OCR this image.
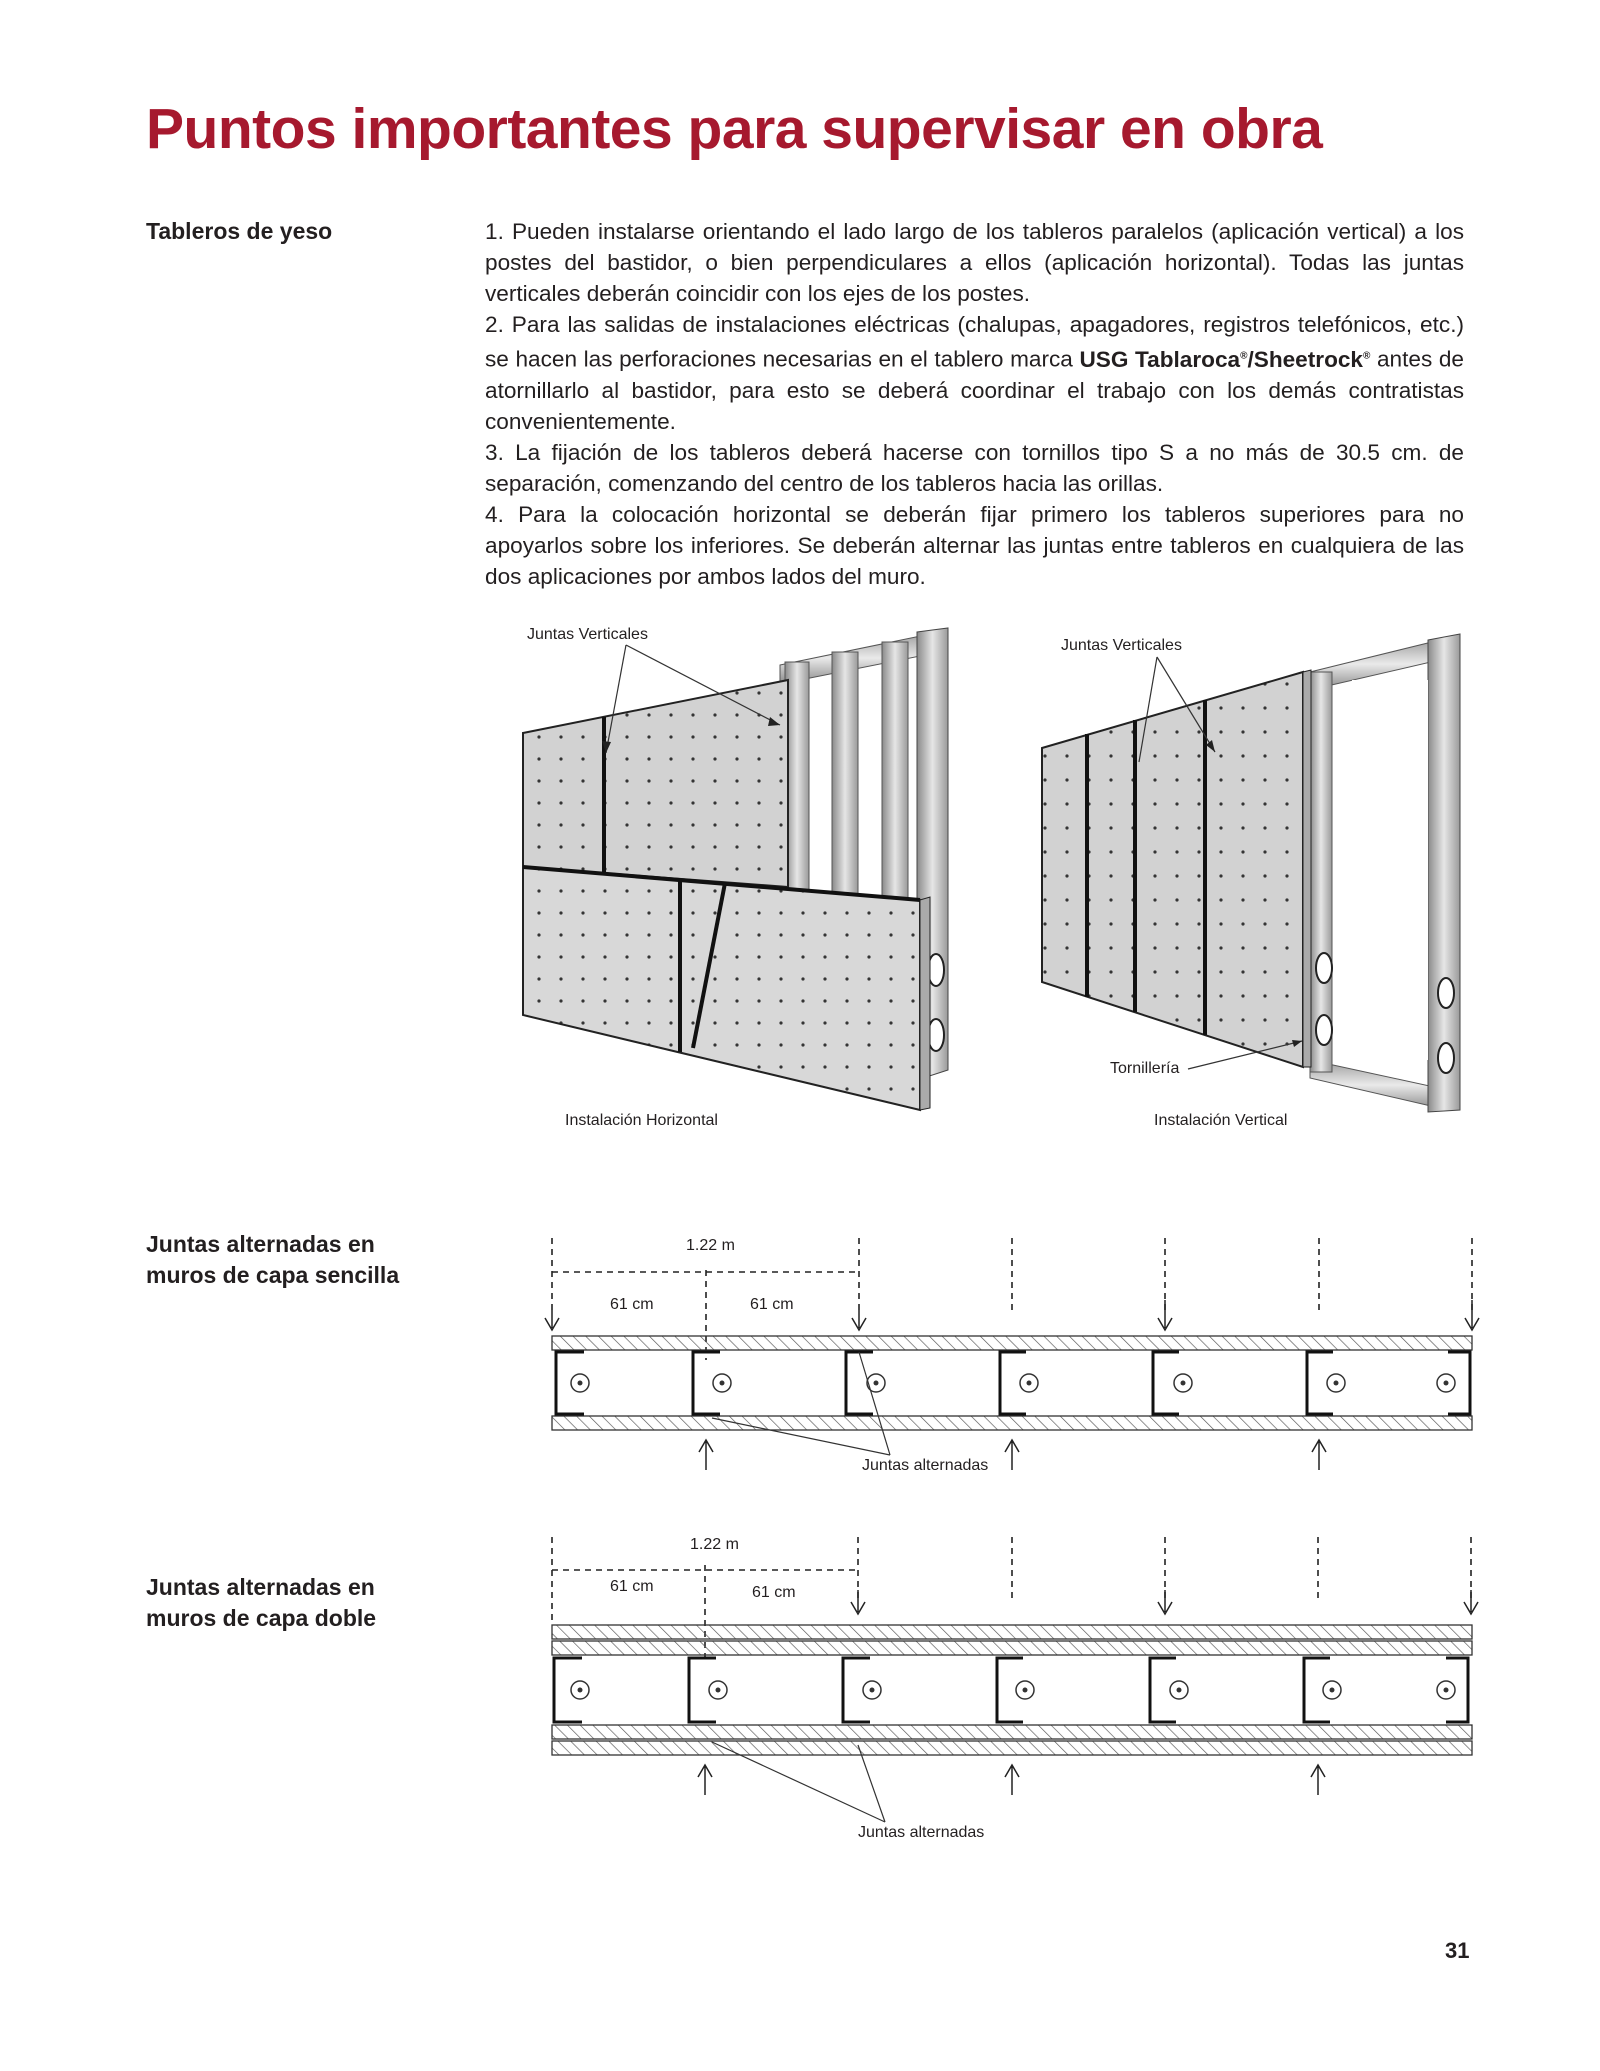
Puntos importantes para supervisar en obra
Tableros de yeso	1. Pueden instalarse orientando el lado largo de los tableros paralelos (aplicación vertical) a los postes del bastidor, o bien perpendiculares a ellos (aplicación horizontal). Todas las juntas verticales deberán coincidir con los ejes de los postes.

2. Para las salidas de instalaciones eléctricas (chalupas, apagadores, registros telefónicos, etc.) se hacen las perforaciones necesarias en el tablero marca USG Tablaroca®/Sheetrock® antes de atornillarlo al bastidor, para esto se deberá coordinar el trabajo con los demás contratistas convenientemente.

3. La fijación de los tableros deberá hacerse con tornillos tipo S a no más de 30.5 cm. de separación, comenzando del centro de los tableros hacia las orillas.

4. Para la colocación horizontal se deberán fijar primero los tableros superiores para no apoyarlos sobre los inferiores. Se deberán alternar las juntas entre tableros en cualquiera de las dos aplicaciones por ambos lados del muro.

Juntas Verticales
Instalación Horizontal
Juntas Verticales
Tornillería
Instalación Vertical
Juntas alternadas en
muros de capa sencilla
1.22 m
61 cm	61 cm
Juntas alternadas
Juntas alternadas en
muros de capa doble
1.22 m
61 cm	61 cm
Juntas alternadas
31
